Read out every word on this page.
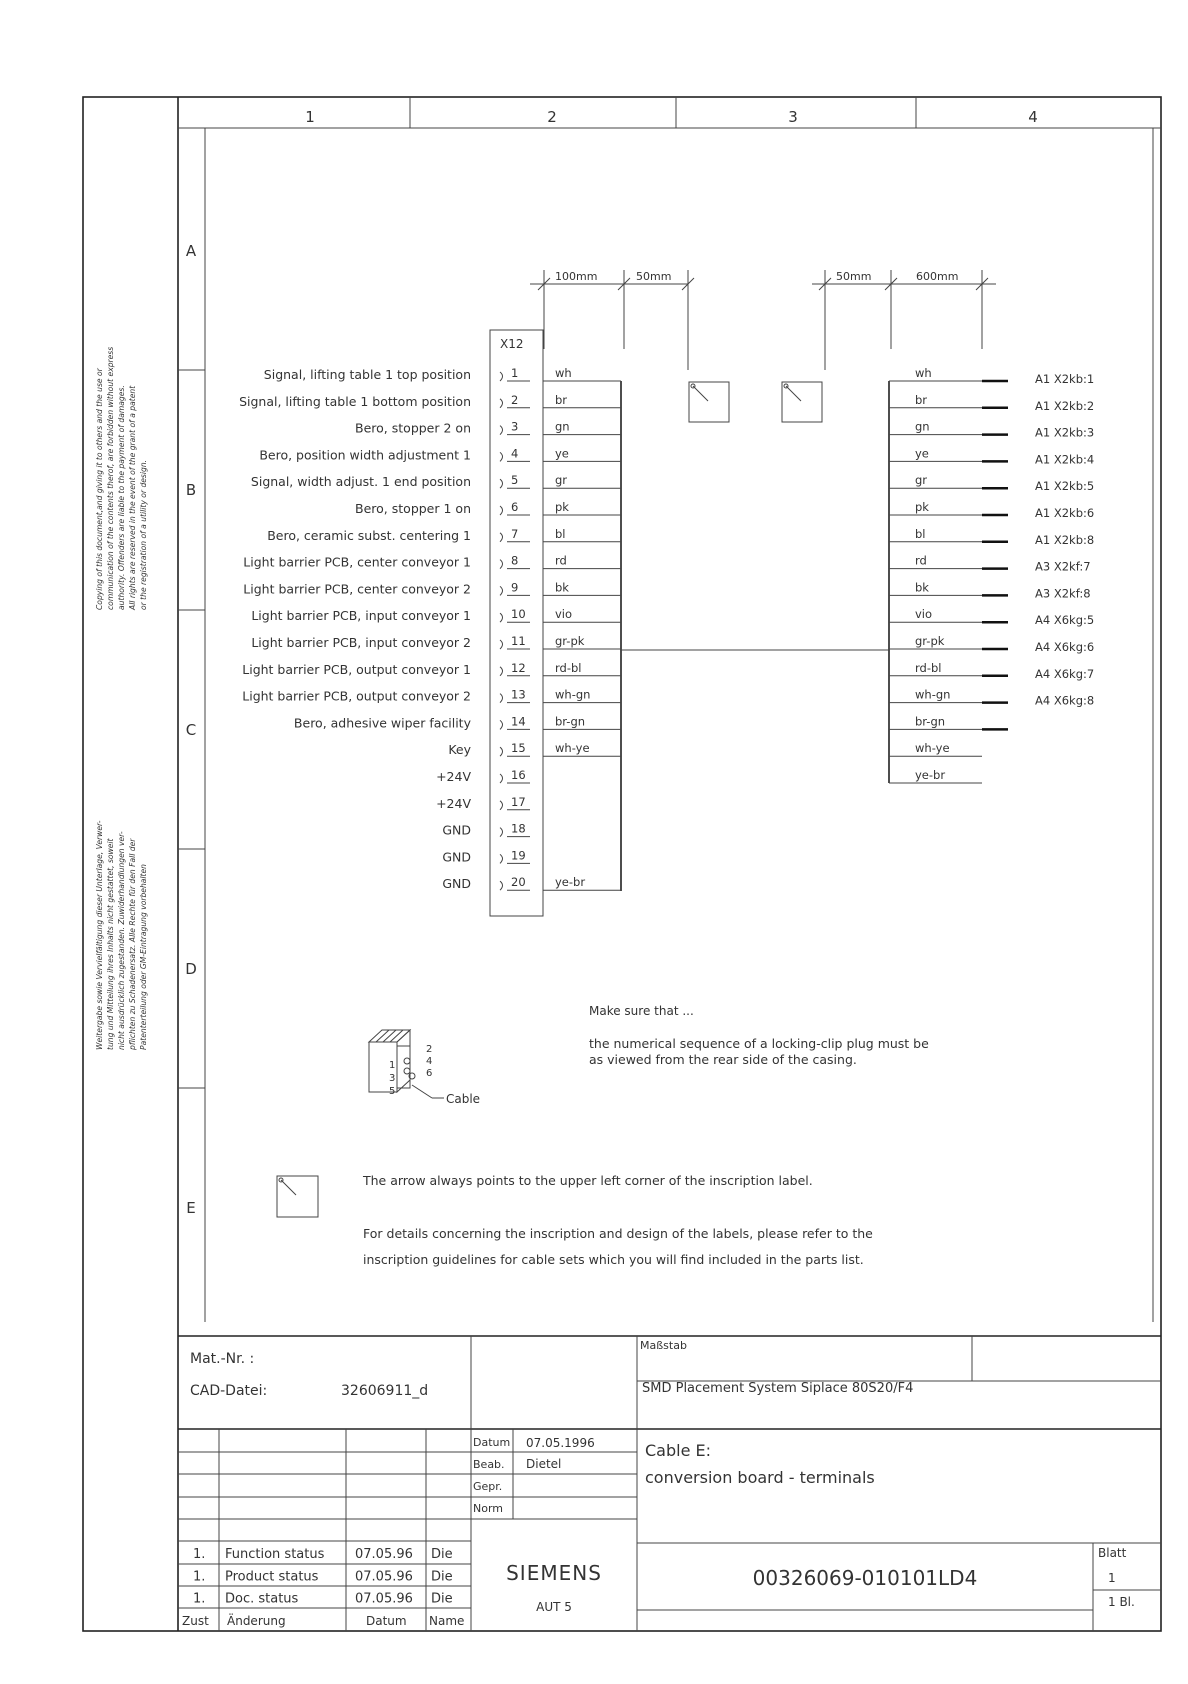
1	2	3	4
A
B
C
D
E
Copying of this document,and giving it to others and the use or communication of the contents therof, are forbidden without express authority. Offenders are liable to the payment of damages. All rights are reserved in the event of the grant of a patent or the registration of a utility or design.
Weitergabe sowie Vervielfältigung dieser Unterlage, Verwer- tung und Mitteilung ihres Inhalts nicht gestattet, soweit nicht ausdrücklich zugestanden. Zuwiderhandlungen ver- pflichten zu Schadenersatz. Alle Rechte für den Fall der Patenterteilung oder GM-Eintragung vorbehalten
100mm	50mm	50mm	600mm
X12
Signal, lifting table 1 top position	1	wh
Signal, lifting table 1 bottom position	2	br
Bero, stopper 2 on	3	gn
Bero, position width adjustment 1	4	ye
Signal, width adjust. 1 end position	5	gr
Bero, stopper 1 on	6	pk
Bero, ceramic subst. centering 1	7	bl
Light barrier PCB, center conveyor 1	8	rd
Light barrier PCB, center conveyor 2	9	bk
Light barrier PCB, input conveyor 1	10	vio
Light barrier PCB, input conveyor 2	11	gr-pk
Light barrier PCB, output conveyor 1	12	rd-bl
Light barrier PCB, output conveyor 2	13	wh-gn
Bero, adhesive wiper facility	14	br-gn
Key	15	wh-ye
+24V	16
+24V	17
GND	18
GND	19
GND	20	ye-br
wh	A1 X2kb:1
br	A1 X2kb:2
gn	A1 X2kb:3
ye	A1 X2kb:4
gr	A1 X2kb:5
pk	A1 X2kb:6
bl	A1 X2kb:8
rd	A3 X2kf:7
bk	A3 X2kf:8
vio	A4 X6kg:5
gr-pk	A4 X6kg:6
rd-bl	A4 X6kg:7
wh-gn	A4 X6kg:8
br-gn
wh-ye
ye-br
1
2
3
4
5
6
Cable
Make sure that ...
the numerical sequence of a locking-clip plug must be
as viewed from the rear side of the casing.
The arrow always points to the upper left corner of the inscription label.
For details concerning the inscription and design of the labels, please refer to the
inscription guidelines for cable sets which you will find included in the parts list.
Mat.-Nr. :
CAD-Datei:	32606911_d
Maßstab
SMD Placement System Siplace 80S20/F4
Datum 07.05.1996
Beab. Dietel
Gepr.
Norm
Cable E:
conversion board - terminals
1. Function status 07.05.96 Die
1. Product status	07.05.96 Die
1. Doc. status	07.05.96 Die
Zust Änderung	Datum Name
SIEMENS
AUT 5
00326069-010101LD4
Blatt
1
1 Bl.
